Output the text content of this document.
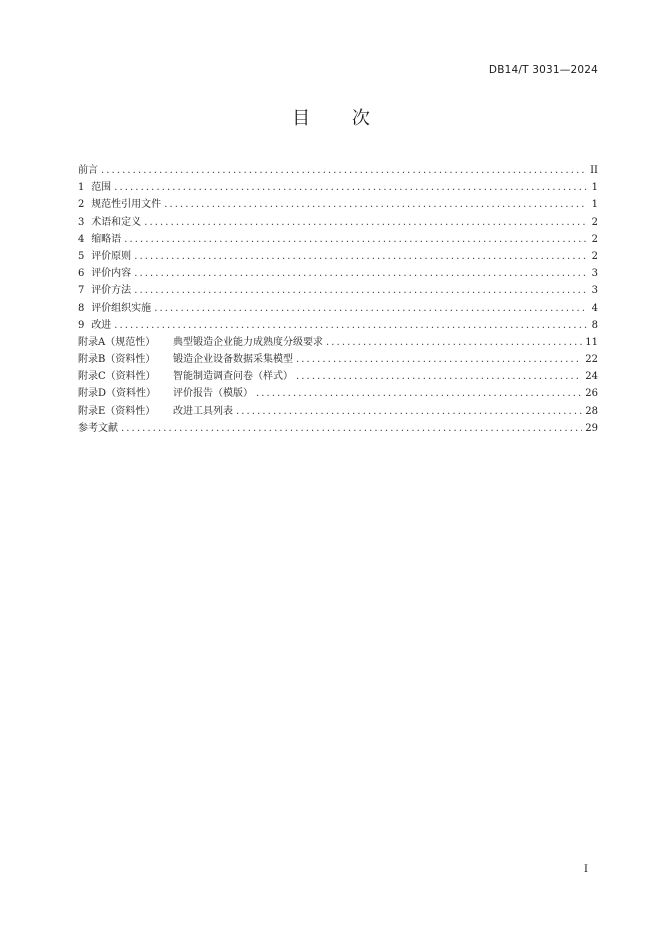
DB14/T 3031—2024
目 次
前言 .....	II
1 范围 .....	1
2 规范性引用文件 .....	1
3 术语和定义 .....	2
4 缩略语 .....	2
5 评价原则 .....	2
6 评价内容 .....	3
7 评价方法 .....	3
8 评价组织实施 .....	4
9 改进 .....	8
附录A（规范性） 典型锻造企业能力成熟度分级要求 .....	11
附录B（资料性） 锻造企业设备数据采集模型 .....	22
附录C（资料性） 智能制造调查问卷（样式） .....	24
附录D（资料性） 评价报告（模版） .....	26
附录E（资料性） 改进工具列表 .....	28
参考文献 .....	29
I
